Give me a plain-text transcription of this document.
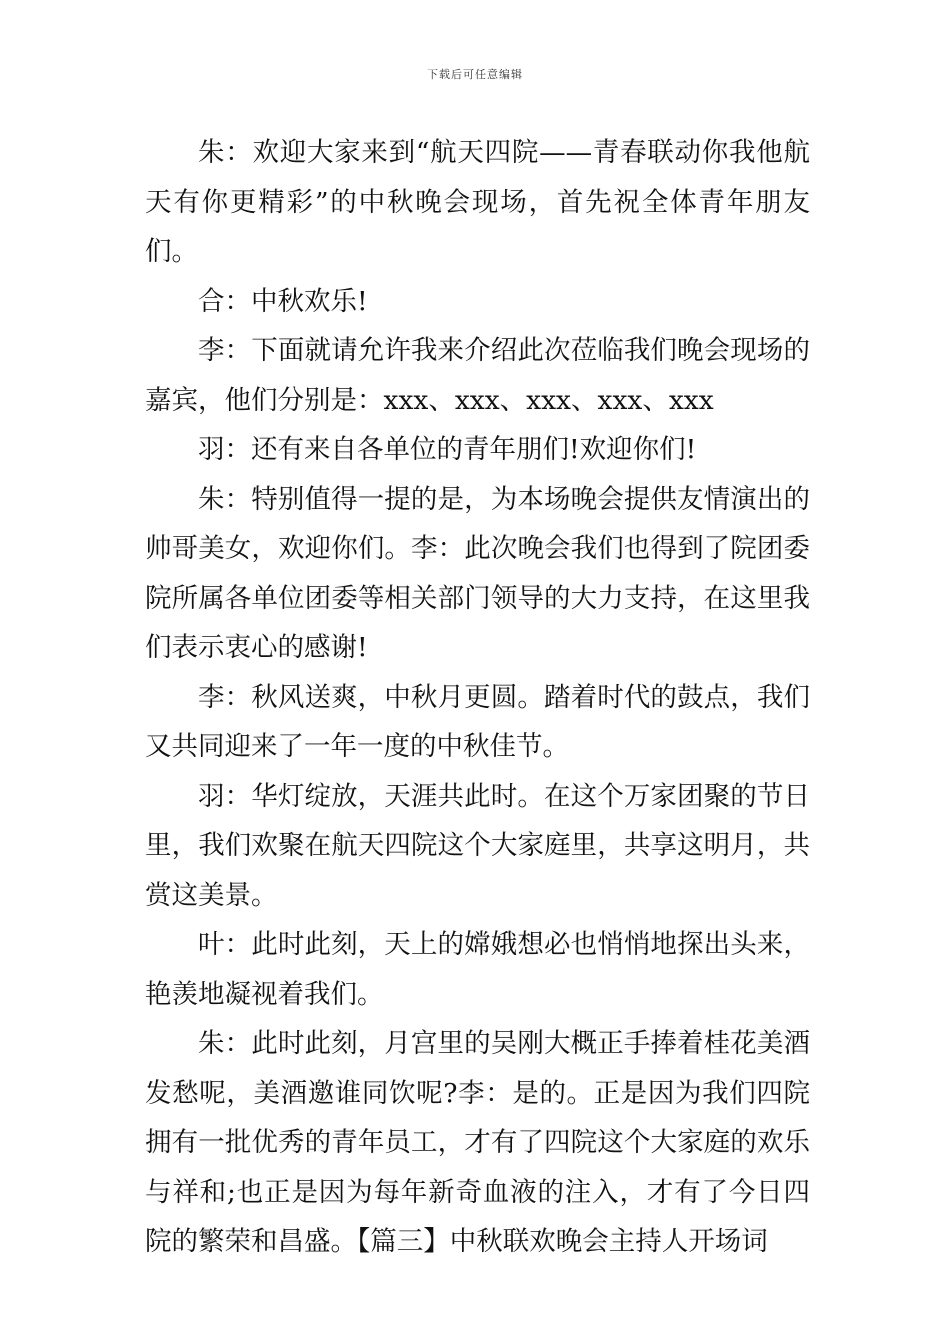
下载后可任意编辑

朱：欢迎大家来到“航天四院——青春联动你我他航天有你更精彩”的中秋晚会现场，首先祝全体青年朋友们。

合：中秋欢乐!

李：下面就请允许我来介绍此次莅临我们晚会现场的嘉宾，他们分别是：xxx、xxx、xxx、xxx、xxx

羽：还有来自各单位的青年朋们!欢迎你们!

朱：特别值得一提的是，为本场晚会提供友情演出的帅哥美女，欢迎你们。李：此次晚会我们也得到了院团委院所属各单位团委等相关部门领导的大力支持，在这里我们表示衷心的感谢!

李：秋风送爽，中秋月更圆。踏着时代的鼓点，我们又共同迎来了一年一度的中秋佳节。

羽：华灯绽放，天涯共此时。在这个万家团聚的节日里，我们欢聚在航天四院这个大家庭里，共享这明月，共赏这美景。

叶：此时此刻，天上的嫦娥想必也悄悄地探出头来，艳羡地凝视着我们。

朱：此时此刻，月宫里的吴刚大概正手捧着桂花美酒发愁呢，美酒邀谁同饮呢?李：是的。正是因为我们四院拥有一批优秀的青年员工，才有了四院这个大家庭的欢乐与祥和;也正是因为每年新奇血液的注入，才有了今日四院的繁荣和昌盛。【篇三】中秋联欢晚会主持人开场词
